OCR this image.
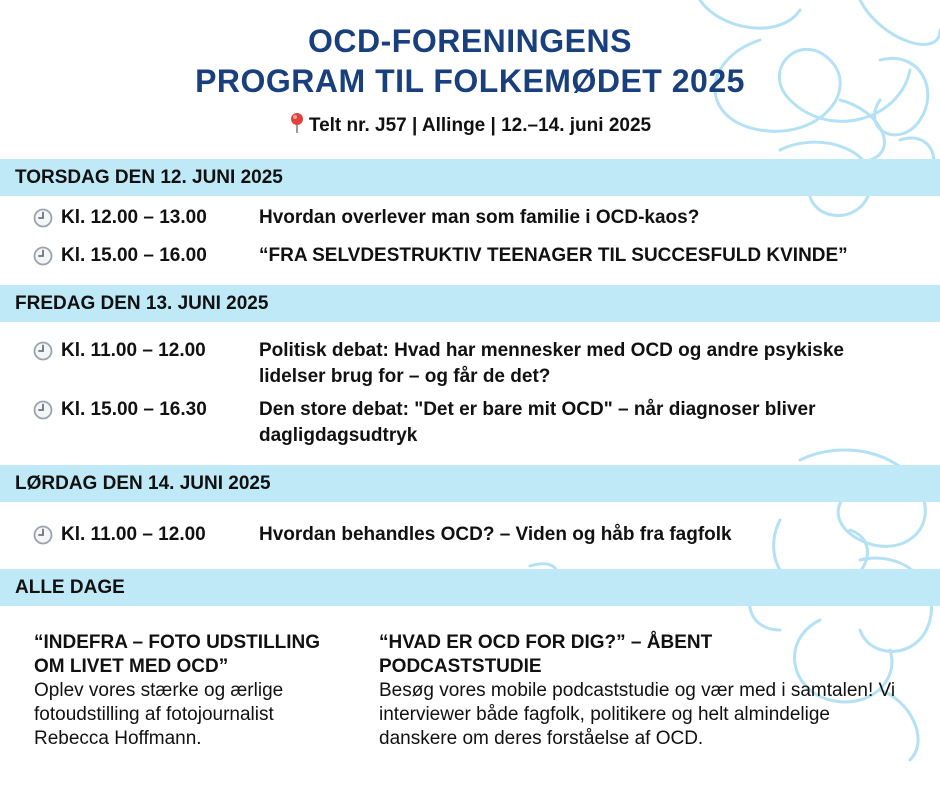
OCD-FORENINGENS
PROGRAM TIL FOLKEMØDET 2025
Telt nr. J57 | Allinge | 12.–14. juni 2025
TORSDAG DEN 12. JUNI 2025
Kl. 12.00 – 13.00	Hvordan overlever man som familie i OCD-kaos?
Kl. 15.00 – 16.00	“FRA SELVDESTRUKTIV TEENAGER TIL SUCCESFULD KVINDE”
FREDAG DEN 13. JUNI 2025
Kl. 11.00 – 12.00	Politisk debat: Hvad har mennesker med OCD og andre psykiske lidelser brug for – og får de det?
Kl. 15.00 – 16.30	Den store debat: "Det er bare mit OCD" – når diagnoser bliver dagligdagsudtryk
LØRDAG DEN 14. JUNI 2025
Kl. 11.00 – 12.00	Hvordan behandles OCD? – Viden og håb fra fagfolk
ALLE DAGE
“INDEFRA – FOTO UDSTILLING OM LIVET MED OCD”
Oplev vores stærke og ærlige fotoudstilling af fotojournalist Rebecca Hoffmann.
“HVAD ER OCD FOR DIG?” – ÅBENT PODCASTSTUDIE
Besøg vores mobile podcaststudie og vær med i samtalen! Vi interviewer både fagfolk, politikere og helt almindelige danskere om deres forståelse af OCD.
